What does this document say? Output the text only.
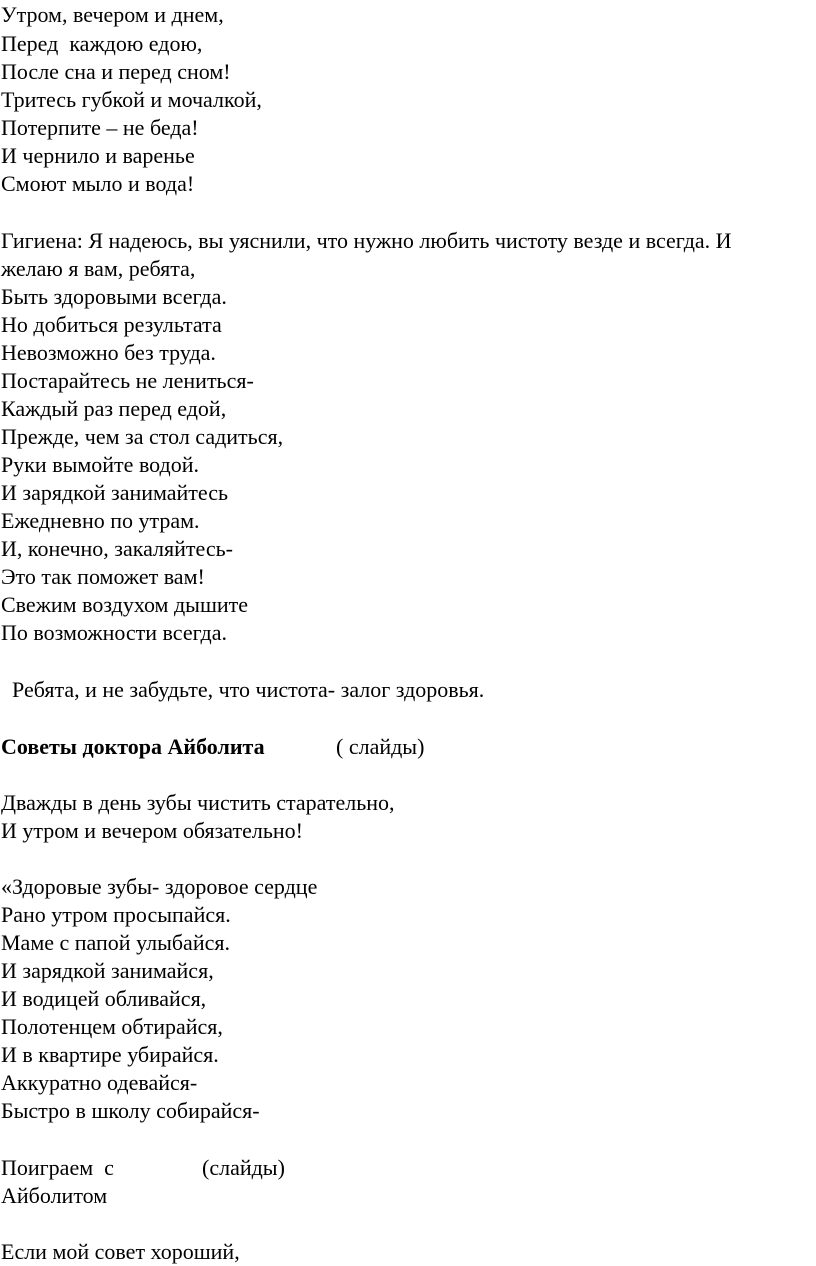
Утром, вечером и днем,
Перед  каждою едою,
После сна и перед сном!
Тритесь губкой и мочалкой,
Потерпите – не беда!
И чернило и варенье
Смоют мыло и вода!
Гигиена: Я надеюсь, вы уяснили, что нужно любить чистоту везде и всегда. И
желаю я вам, ребята,
Быть здоровыми всегда.
Но добиться результата
Невозможно без труда.
Постарайтесь не лениться-
Каждый раз перед едой,
Прежде, чем за стол садиться,
Руки вымойте водой.
И зарядкой занимайтесь
Ежедневно по утрам.
И, конечно, закаляйтесь-
Это так поможет вам!
Свежим воздухом дышите
По возможности всегда.
Ребята, и не забудьте, что чистота- залог здоровья.
Советы доктора Айболита	( слайды)
Дважды в день зубы чистить старательно,
И утром и вечером обязательно!
«Здоровые зубы- здоровое сердце
Рано утром просыпайся.
Маме с папой улыбайся.
И зарядкой занимайся,
И водицей обливайся,
Полотенцем обтирайся,
И в квартире убирайся.
Аккуратно одевайся-
Быстро в школу собирайся-
Поиграем  с	(слайды)
Айболитом
Если мой совет хороший,
